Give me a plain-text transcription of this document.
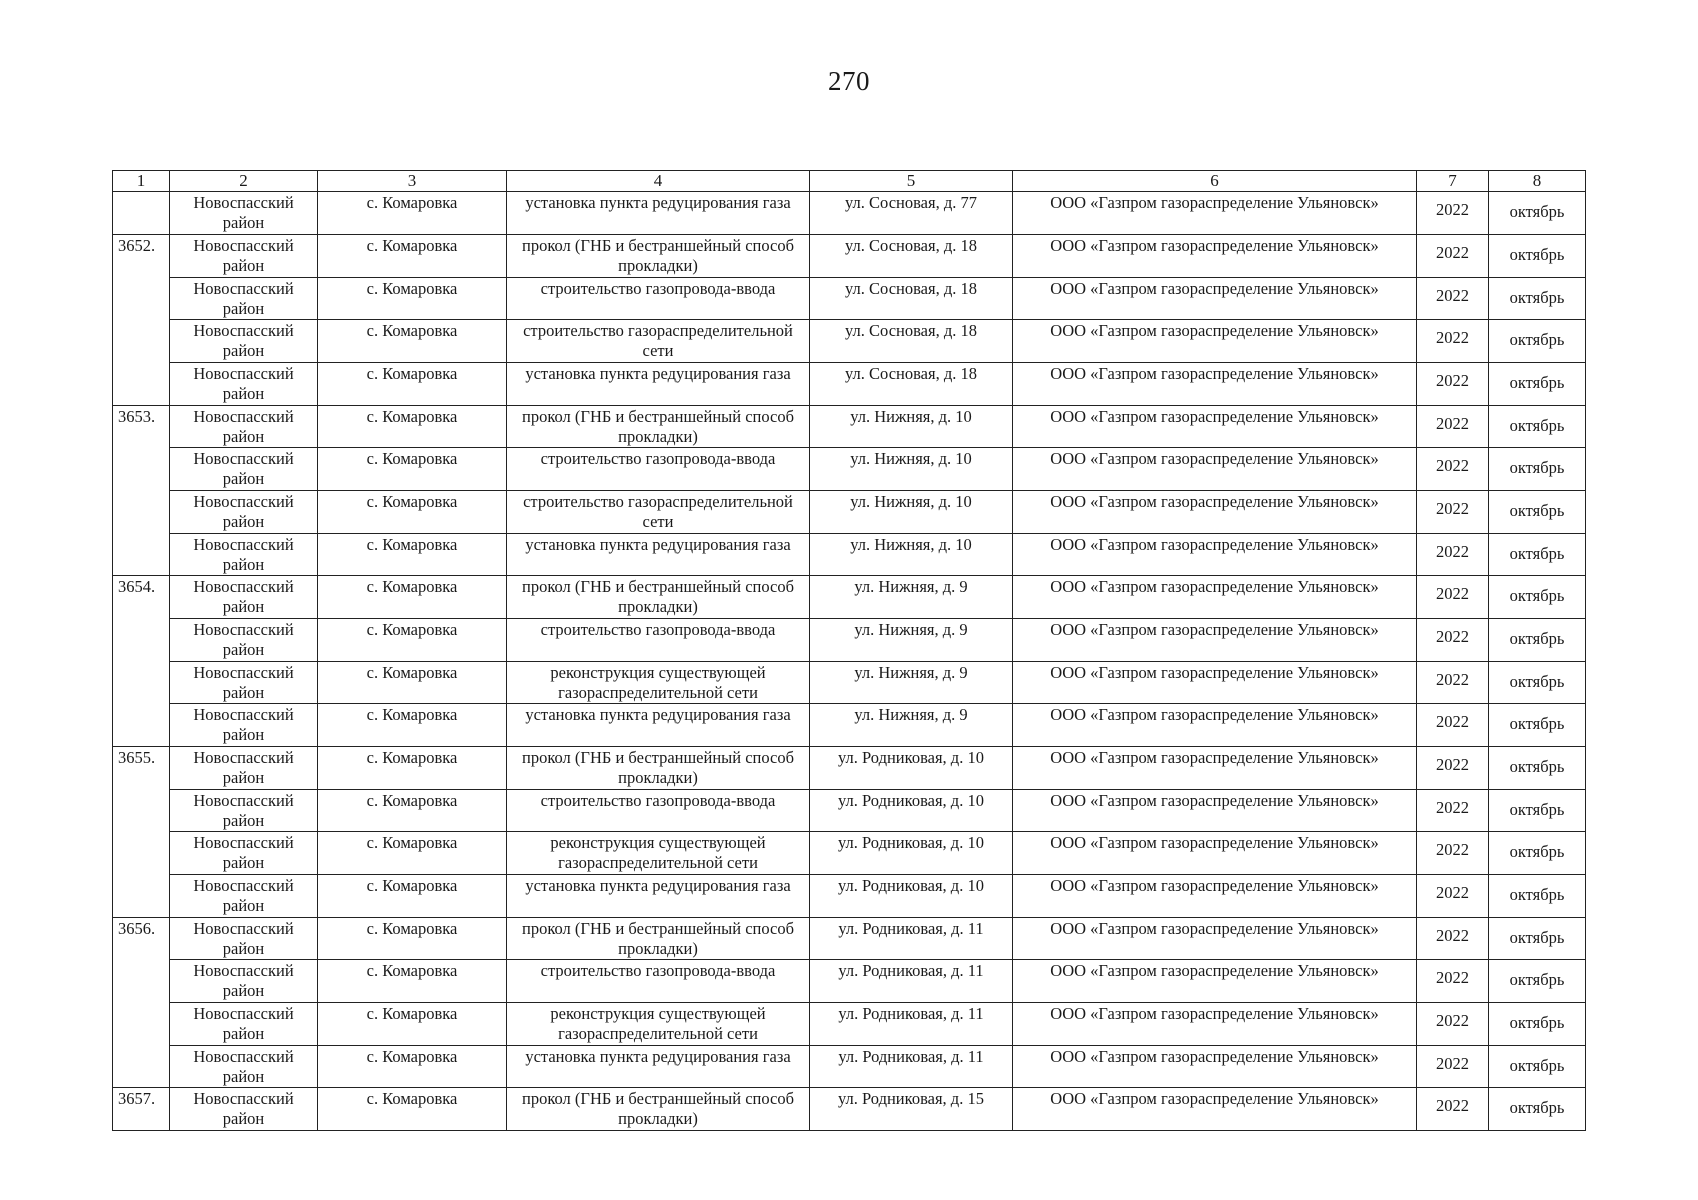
270
1	2	3	4	5	6	7	8
	Новоспасский район	с. Комаровка	установка пункта редуцирования газа	ул. Сосновая, д. 77	ООО «Газпром газораспределение Ульяновск»	2022	октябрь
3652.	Новоспасский район	с. Комаровка	прокол (ГНБ и бестраншейный способ прокладки)	ул. Сосновая, д. 18	ООО «Газпром газораспределение Ульяновск»	2022	октябрь
	Новоспасский район	с. Комаровка	строительство газопровода-ввода	ул. Сосновая, д. 18	ООО «Газпром газораспределение Ульяновск»	2022	октябрь
	Новоспасский район	с. Комаровка	строительство газораспределительной сети	ул. Сосновая, д. 18	ООО «Газпром газораспределение Ульяновск»	2022	октябрь
	Новоспасский район	с. Комаровка	установка пункта редуцирования газа	ул. Сосновая, д. 18	ООО «Газпром газораспределение Ульяновск»	2022	октябрь
3653.	Новоспасский район	с. Комаровка	прокол (ГНБ и бестраншейный способ прокладки)	ул. Нижняя, д. 10	ООО «Газпром газораспределение Ульяновск»	2022	октябрь
	Новоспасский район	с. Комаровка	строительство газопровода-ввода	ул. Нижняя, д. 10	ООО «Газпром газораспределение Ульяновск»	2022	октябрь
	Новоспасский район	с. Комаровка	строительство газораспределительной сети	ул. Нижняя, д. 10	ООО «Газпром газораспределение Ульяновск»	2022	октябрь
	Новоспасский район	с. Комаровка	установка пункта редуцирования газа	ул. Нижняя, д. 10	ООО «Газпром газораспределение Ульяновск»	2022	октябрь
3654.	Новоспасский район	с. Комаровка	прокол (ГНБ и бестраншейный способ прокладки)	ул. Нижняя, д. 9	ООО «Газпром газораспределение Ульяновск»	2022	октябрь
	Новоспасский район	с. Комаровка	строительство газопровода-ввода	ул. Нижняя, д. 9	ООО «Газпром газораспределение Ульяновск»	2022	октябрь
	Новоспасский район	с. Комаровка	реконструкция существующей газораспределительной сети	ул. Нижняя, д. 9	ООО «Газпром газораспределение Ульяновск»	2022	октябрь
	Новоспасский район	с. Комаровка	установка пункта редуцирования газа	ул. Нижняя, д. 9	ООО «Газпром газораспределение Ульяновск»	2022	октябрь
3655.	Новоспасский район	с. Комаровка	прокол (ГНБ и бестраншейный способ прокладки)	ул. Родниковая, д. 10	ООО «Газпром газораспределение Ульяновск»	2022	октябрь
	Новоспасский район	с. Комаровка	строительство газопровода-ввода	ул. Родниковая, д. 10	ООО «Газпром газораспределение Ульяновск»	2022	октябрь
	Новоспасский район	с. Комаровка	реконструкция существующей газораспределительной сети	ул. Родниковая, д. 10	ООО «Газпром газораспределение Ульяновск»	2022	октябрь
	Новоспасский район	с. Комаровка	установка пункта редуцирования газа	ул. Родниковая, д. 10	ООО «Газпром газораспределение Ульяновск»	2022	октябрь
3656.	Новоспасский район	с. Комаровка	прокол (ГНБ и бестраншейный способ прокладки)	ул. Родниковая, д. 11	ООО «Газпром газораспределение Ульяновск»	2022	октябрь
	Новоспасский район	с. Комаровка	строительство газопровода-ввода	ул. Родниковая, д. 11	ООО «Газпром газораспределение Ульяновск»	2022	октябрь
	Новоспасский район	с. Комаровка	реконструкция существующей газораспределительной сети	ул. Родниковая, д. 11	ООО «Газпром газораспределение Ульяновск»	2022	октябрь
	Новоспасский район	с. Комаровка	установка пункта редуцирования газа	ул. Родниковая, д. 11	ООО «Газпром газораспределение Ульяновск»	2022	октябрь
3657.	Новоспасский район	с. Комаровка	прокол (ГНБ и бестраншейный способ прокладки)	ул. Родниковая, д. 15	ООО «Газпром газораспределение Ульяновск»	2022	октябрь
